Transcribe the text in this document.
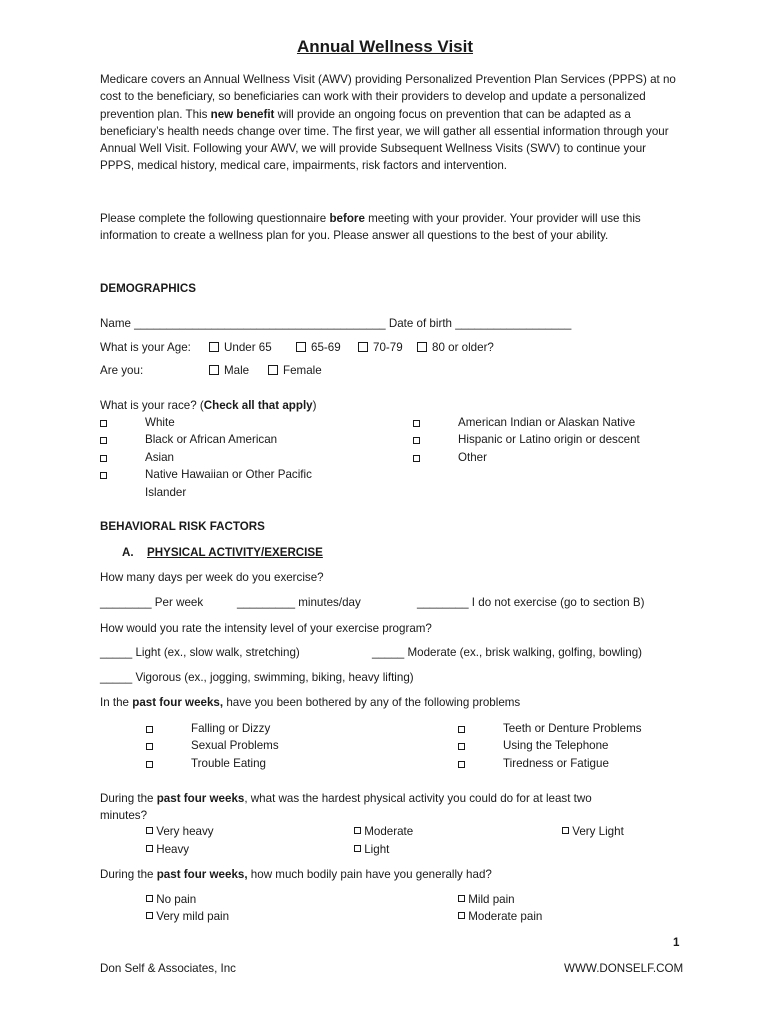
Annual Wellness Visit
Medicare covers an Annual Wellness Visit (AWV) providing Personalized Prevention Plan Services (PPPS) at no cost to the beneficiary, so beneficiaries can work with their providers to develop and update a personalized prevention plan. This new benefit will provide an ongoing focus on prevention that can be adapted as a beneficiary’s health needs change over time. The first year, we will gather all essential information through your Annual Well Visit. Following your AWV, we will provide Subsequent Wellness Visits (SWV) to continue your PPPS, medical history, medical care, impairments, risk factors and intervention.
Please complete the following questionnaire before meeting with your provider. Your provider will use this information to create a wellness plan for you. Please answer all questions to the best of your ability.
DEMOGRAPHICS
Name _______________________________________ Date of birth __________________
What is your Age:	Under 65	65-69	70-79	80 or older?
Are you:	Male	Female
What is your race? (Check all that apply)
White
Black or African American
Asian
Native Hawaiian or Other Pacific
Islander
American Indian or Alaskan Native
Hispanic or Latino origin or descent
Other
BEHAVIORAL RISK FACTORS
A. PHYSICAL ACTIVITY/EXERCISE
How many days per week do you exercise?
________ Per week	_________ minutes/day	________ I do not exercise (go to section B)
How would you rate the intensity level of your exercise program?
_____ Light (ex., slow walk, stretching)	_____ Moderate (ex., brisk walking, golfing, bowling)
_____ Vigorous (ex., jogging, swimming, biking, heavy lifting)
In the past four weeks, have you been bothered by any of the following problems
Falling or Dizzy
Sexual Problems
Trouble Eating
Teeth or Denture Problems
Using the Telephone
Tiredness or Fatigue
During the past four weeks, what was the hardest physical activity you could do for at least two
minutes?
Very heavy	Moderate	Very Light
Heavy	Light
During the past four weeks, how much bodily pain have you generally had?
No pain	Mild pain
Very mild pain	Moderate pain
1
Don Self & Associates, Inc	WWW.DONSELF.COM
